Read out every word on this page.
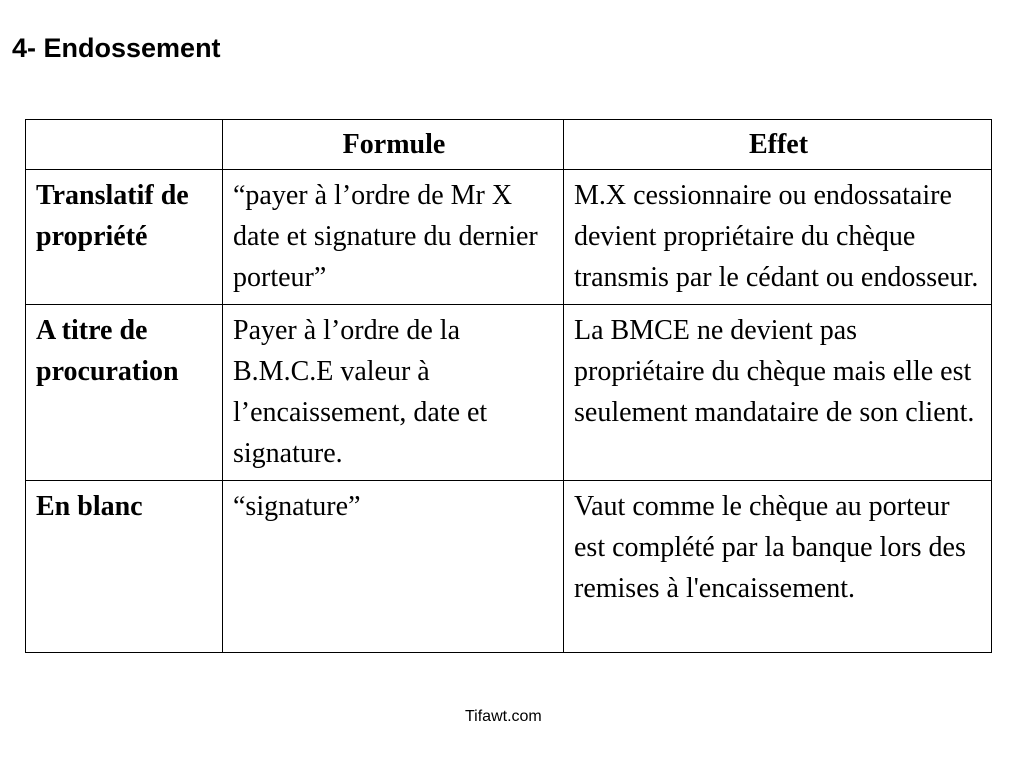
4- Endossement
	Formule	Effet
Translatif de propriété	“payer à l’ordre de Mr X date et signature du dernier porteur”	M.X cessionnaire ou endossataire devient propriétaire du chèque transmis par le cédant ou endosseur.
A titre de procuration	Payer à l’ordre de la B.M.C.E valeur à l’encaissement, date et signature.	La BMCE ne devient pas propriétaire du chèque mais elle est seulement mandataire de son client.
En blanc	“signature”	Vaut comme le chèque au porteur est complété par la banque lors des remises à l'encaissement.
Tifawt.com
